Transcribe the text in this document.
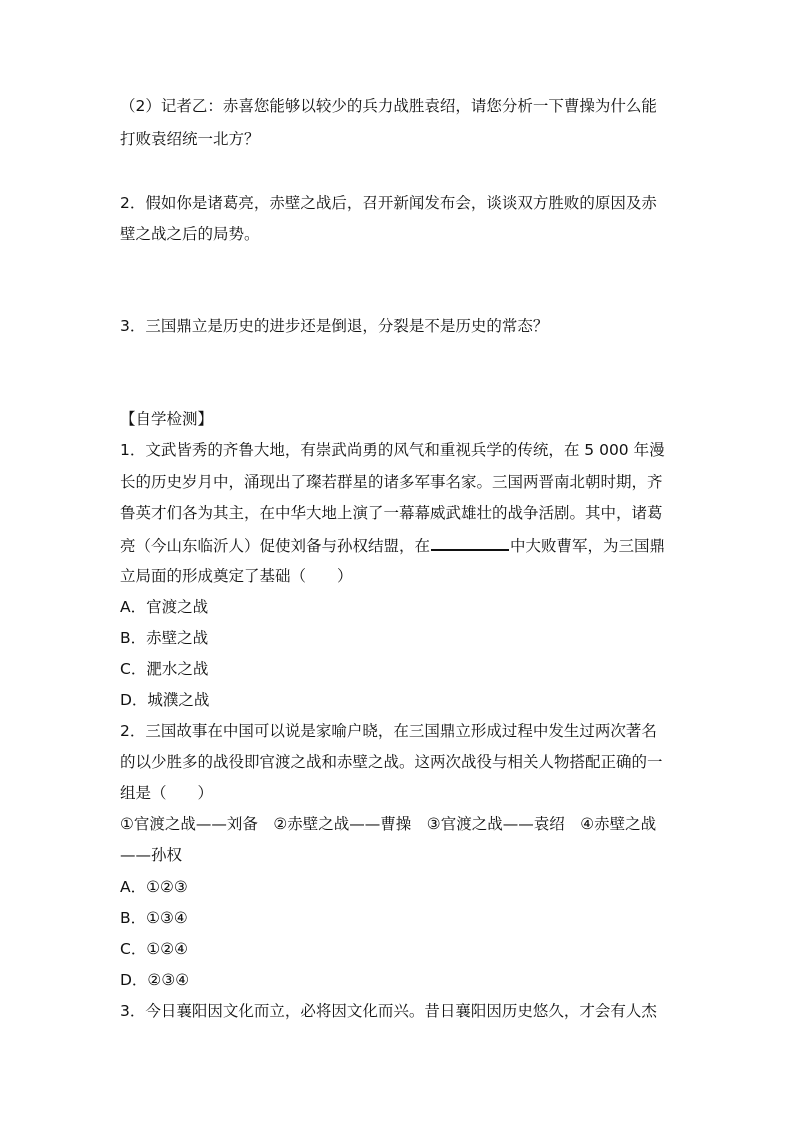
（2）记者乙：赤喜您能够以较少的兵力战胜袁绍，请您分析一下曹操为什么能
打败袁绍统一北方？
2．假如你是诸葛亮，赤壁之战后，召开新闻发布会，谈谈双方胜败的原因及赤
壁之战之后的局势。
3．三国鼎立是历史的进步还是倒退，分裂是不是历史的常态？
【自学检测】
1．文武皆秀的齐鲁大地，有崇武尚勇的风气和重视兵学的传统，在 5 000 年漫
长的历史岁月中，涌现出了璨若群星的诸多军事名家。三国两晋南北朝时期，齐
鲁英才们各为其主，在中华大地上演了一幕幕威武雄壮的战争活剧。其中，诸葛
亮（今山东临沂人）促使刘备与孙权结盟，在	中大败曹军，为三国鼎
立局面的形成奠定了基础（　　）
A．官渡之战
B．赤壁之战
C．淝水之战
D．城濮之战
2．三国故事在中国可以说是家喻户晓，在三国鼎立形成过程中发生过两次著名
的以少胜多的战役即官渡之战和赤壁之战。这两次战役与相关人物搭配正确的一
组是（　　）
①官渡之战——刘备　②赤壁之战——曹操　③官渡之战——袁绍　④赤壁之战
——孙权
A．①②③
B．①③④
C．①②④
D．②③④
3．今日襄阳因文化而立，必将因文化而兴。昔日襄阳因历史悠久，才会有人杰
